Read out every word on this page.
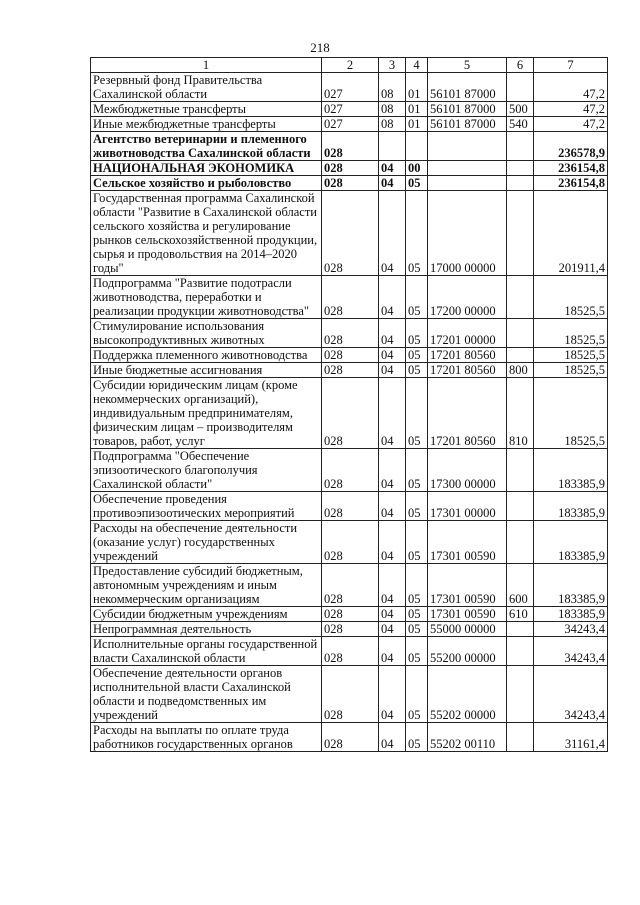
218
1	2	3	4	5	6	7
Резервный фонд Правительства Сахалинской области	027	08	01	56101 87000		47,2
Межбюджетные трансферты	027	08	01	56101 87000	500	47,2
Иные межбюджетные трансферты	027	08	01	56101 87000	540	47,2
Агентство ветеринарии и племенного животноводства Сахалинской области	028					236578,9
НАЦИОНАЛЬНАЯ ЭКОНОМИКА	028	04	00			236154,8
Сельское хозяйство и рыболовство	028	04	05			236154,8
Государственная программа Сахалинской области "Развитие в Сахалинской области сельского хозяйства и регулирование рынков сельскохозяйственной продукции, сырья и продовольствия на 2014–2020 годы"	028	04	05	17000 00000		201911,4
Подпрограмма "Развитие подотрасли животноводства, переработки и реализации продукции животноводства"	028	04	05	17200 00000		18525,5
Стимулирование использования высокопродуктивных животных	028	04	05	17201 00000		18525,5
Поддержка племенного животноводства	028	04	05	17201 80560		18525,5
Иные бюджетные ассигнования	028	04	05	17201 80560	800	18525,5
Субсидии юридическим лицам (кроме некоммерческих организаций), индивидуальным предпринимателям, физическим лицам – производителям товаров, работ, услуг	028	04	05	17201 80560	810	18525,5
Подпрограмма "Обеспечение эпизоотического благополучия Сахалинской области"	028	04	05	17300 00000		183385,9
Обеспечение проведения противоэпизоотических мероприятий	028	04	05	17301 00000		183385,9
Расходы на обеспечение деятельности (оказание услуг) государственных учреждений	028	04	05	17301 00590		183385,9
Предоставление субсидий бюджетным, автономным учреждениям и иным некоммерческим организациям	028	04	05	17301 00590	600	183385,9
Субсидии бюджетным учреждениям	028	04	05	17301 00590	610	183385,9
Непрограммная деятельность	028	04	05	55000 00000		34243,4
Исполнительные органы государственной власти Сахалинской области	028	04	05	55200 00000		34243,4
Обеспечение деятельности органов исполнительной власти Сахалинской области и подведомственных им учреждений	028	04	05	55202 00000		34243,4
Расходы на выплаты по оплате труда работников государственных органов	028	04	05	55202 00110		31161,4
